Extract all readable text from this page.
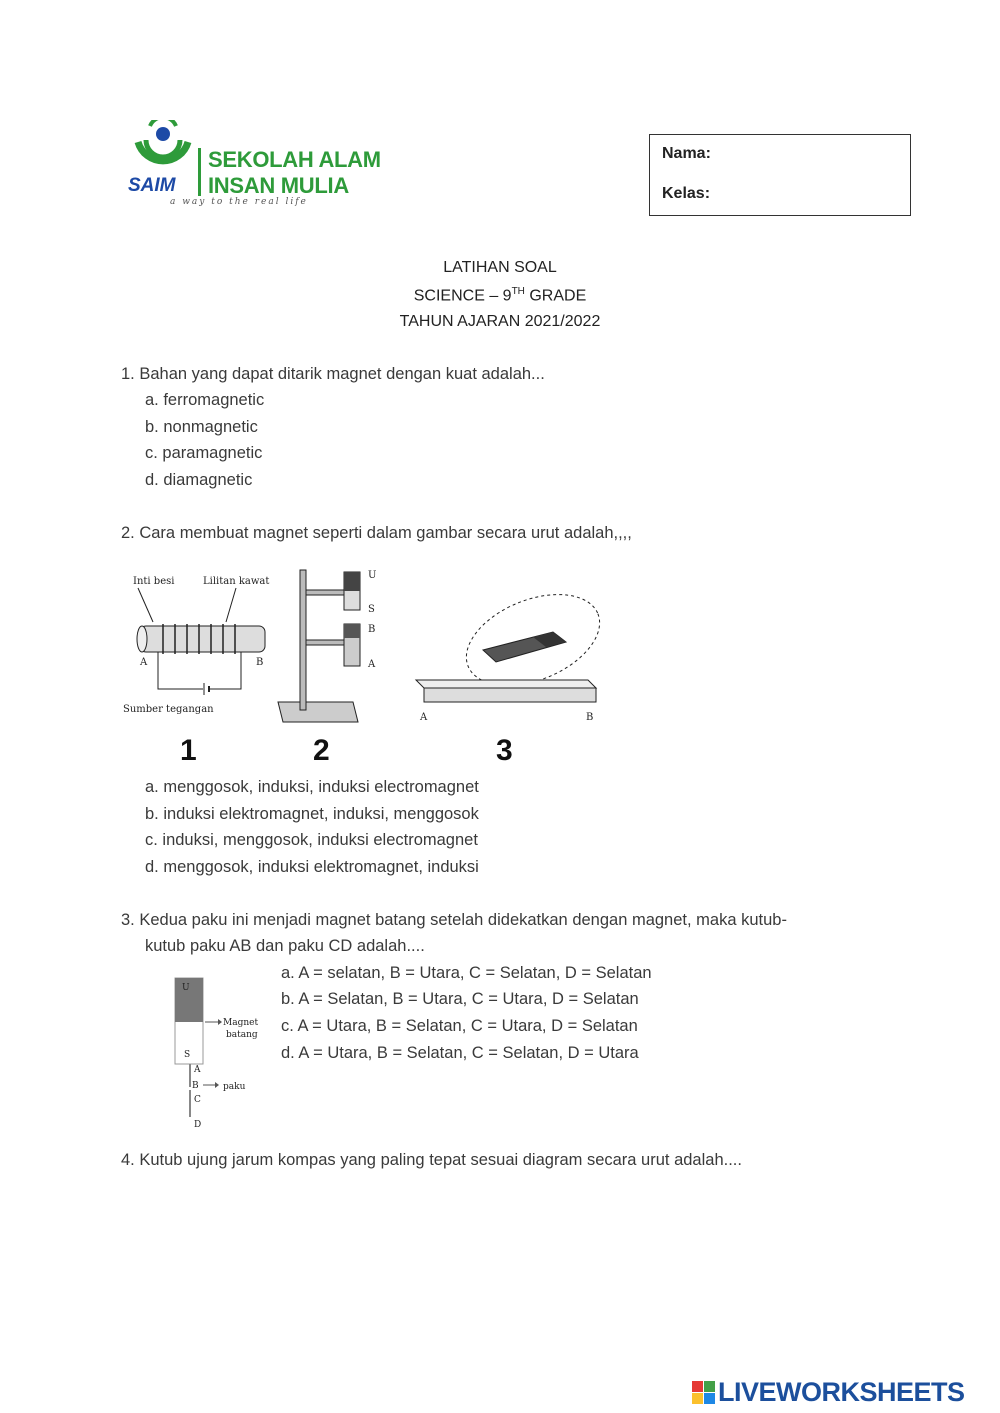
SAIM
SEKOLAH ALAM
INSAN MULIA
a way to the real life
Nama:
Kelas:
LATIHAN SOAL
SCIENCE – 9TH GRADE
TAHUN AJARAN 2021/2022
1. Bahan yang dapat ditarik magnet dengan kuat adalah...
a. ferromagnetic
b. nonmagnetic
c. paramagnetic
d. diamagnetic
2. Cara membuat magnet seperti dalam gambar secara urut adalah,,,,
Inti besi	Lilitan kawat
A	B
Sumber tegangan
1
U
S
B
A
2
A	B
3
a. menggosok, induksi, induksi electromagnet
b. induksi elektromagnet, induksi, menggosok
c. induksi, menggosok, induksi electromagnet
d. menggosok, induksi elektromagnet, induksi
3. Kedua paku ini menjadi magnet batang setelah didekatkan dengan magnet, maka kutub-
kutub paku AB dan paku CD adalah....
U
S
Magnet
batang
A
B	paku
C
D
a. A = selatan, B = Utara, C = Selatan, D = Selatan
b. A = Selatan, B = Utara, C = Utara, D = Selatan
c. A = Utara, B = Selatan, C = Utara, D = Selatan
d. A = Utara, B = Selatan, C = Selatan, D = Utara
4. Kutub ujung jarum kompas yang paling tepat sesuai diagram secara urut adalah....
LIVEWORKSHEETS
